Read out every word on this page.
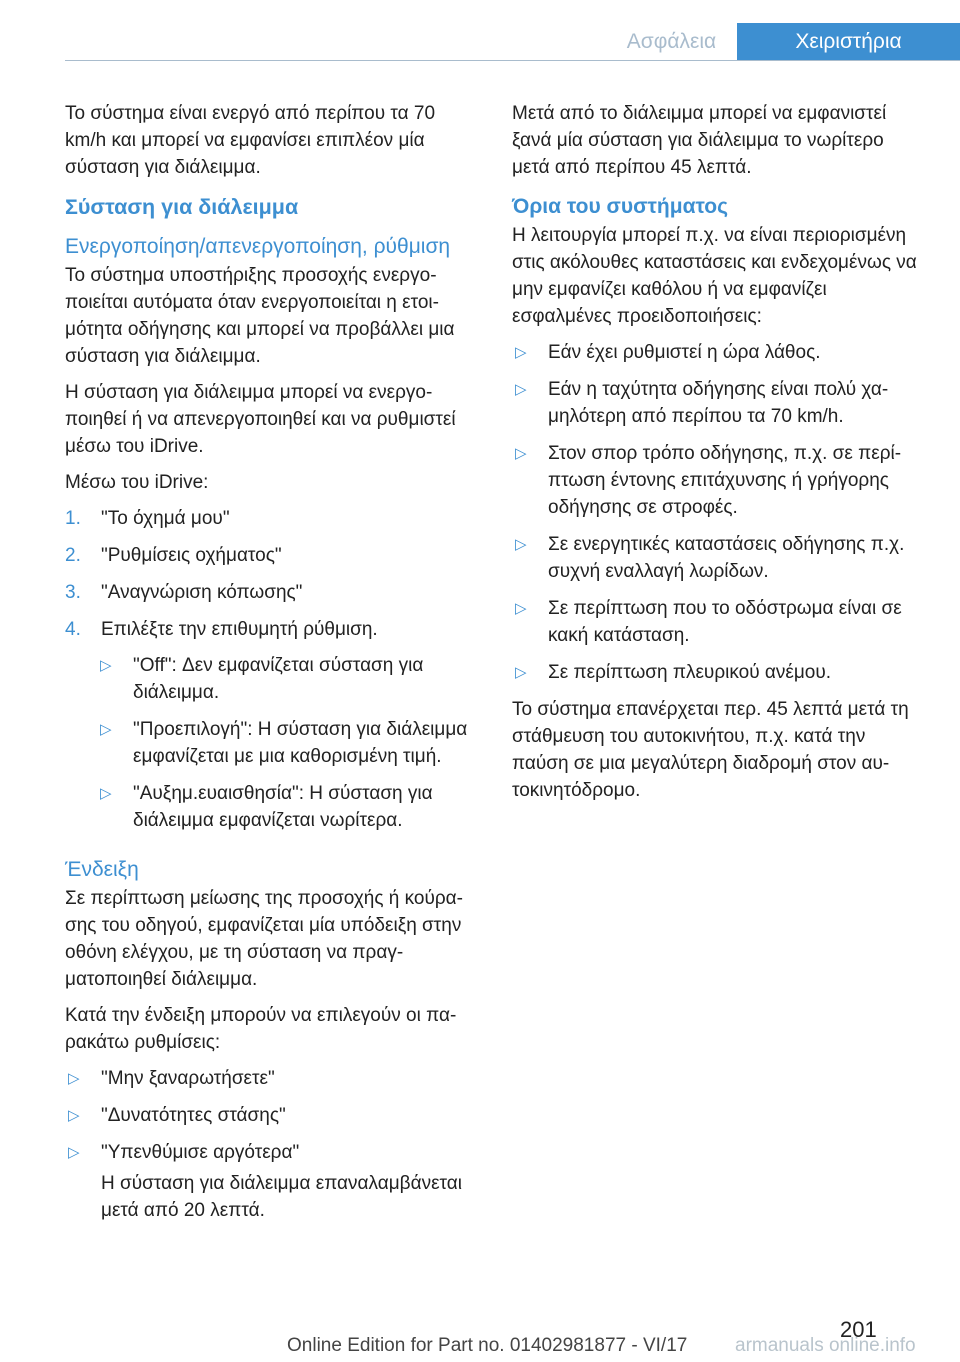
Ασφάλεια	Χειριστήρια

Το σύστημα είναι ενεργό από περίπου τα 70 km/h και μπορεί να εμφανίσει επιπλέον μία σύσταση για διάλειμμα.

Σύσταση για διάλειμμα
Ενεργοποίηση/απενεργοποίηση, ρύθμιση

Το σύστημα υποστήριξης προσοχής ενεργοποιείται αυτόματα όταν ενεργοποιείται η ετοιμότητα οδήγησης και μπορεί να προβάλλει μια σύσταση για διάλειμμα.

Η σύσταση για διάλειμμα μπορεί να ενεργοποιηθεί ή να απενεργοποιηθεί και να ρυθμιστεί μέσω του iDrive.

Μέσω του iDrive:

1. "Το όχημά μου"
2. "Ρυθμίσεις οχήματος"
3. "Αναγνώριση κόπωσης"
4. Επιλέξτε την επιθυμητή ρύθμιση.
▷ "Off": Δεν εμφανίζεται σύσταση για διάλειμμα.
▷ "Προεπιλογή": Η σύσταση για διάλειμμα εμφανίζεται με μια καθορισμένη τιμή.
▷ "Αυξημ.ευαισθησία": Η σύσταση για διάλειμμα εμφανίζεται νωρίτερα.
Ένδειξη

Σε περίπτωση μείωσης της προσοχής ή κούρασης του οδηγού, εμφανίζεται μία υπόδειξη στην οθόνη ελέγχου, με τη σύσταση να πραγματοποιηθεί διάλειμμα.

Κατά την ένδειξη μπορούν να επιλεγούν οι παρακάτω ρυθμίσεις:

▷ "Μην ξαναρωτήσετε"
▷ "Δυνατότητες στάσης"
▷ "Υπενθύμισε αργότερα"

Η σύσταση για διάλειμμα επαναλαμβάνεται μετά από 20 λεπτά.

Μετά από το διάλειμμα μπορεί να εμφανιστεί ξανά μία σύσταση για διάλειμμα το νωρίτερο μετά από περίπου 45 λεπτά.

Όρια του συστήματος

Η λειτουργία μπορεί π.χ. να είναι περιορισμένη στις ακόλουθες καταστάσεις και ενδεχομένως να μην εμφανίζει καθόλου ή να εμφανίζει εσφαλμένες προειδοποιήσεις:

▷ Εάν έχει ρυθμιστεί η ώρα λάθος.
▷ Εάν η ταχύτητα οδήγησης είναι πολύ χαμηλότερη από περίπου τα 70 km/h.
▷ Στον σπορ τρόπο οδήγησης, π.χ. σε περίπτωση έντονης επιτάχυνσης ή γρήγορης οδήγησης σε στροφές.
▷ Σε ενεργητικές καταστάσεις οδήγησης π.χ. συχνή εναλλαγή λωρίδων.
▷ Σε περίπτωση που το οδόστρωμα είναι σε κακή κατάσταση.
▷ Σε περίπτωση πλευρικού ανέμου.

Το σύστημα επανέρχεται περ. 45 λεπτά μετά τη στάθμευση του αυτοκινήτου, π.χ. κατά την παύση σε μια μεγαλύτερη διαδρομή στον αυτοκινητόδρομο.

201
Online Edition for Part no. 01402981877 - VI/17	armanuals online.info
